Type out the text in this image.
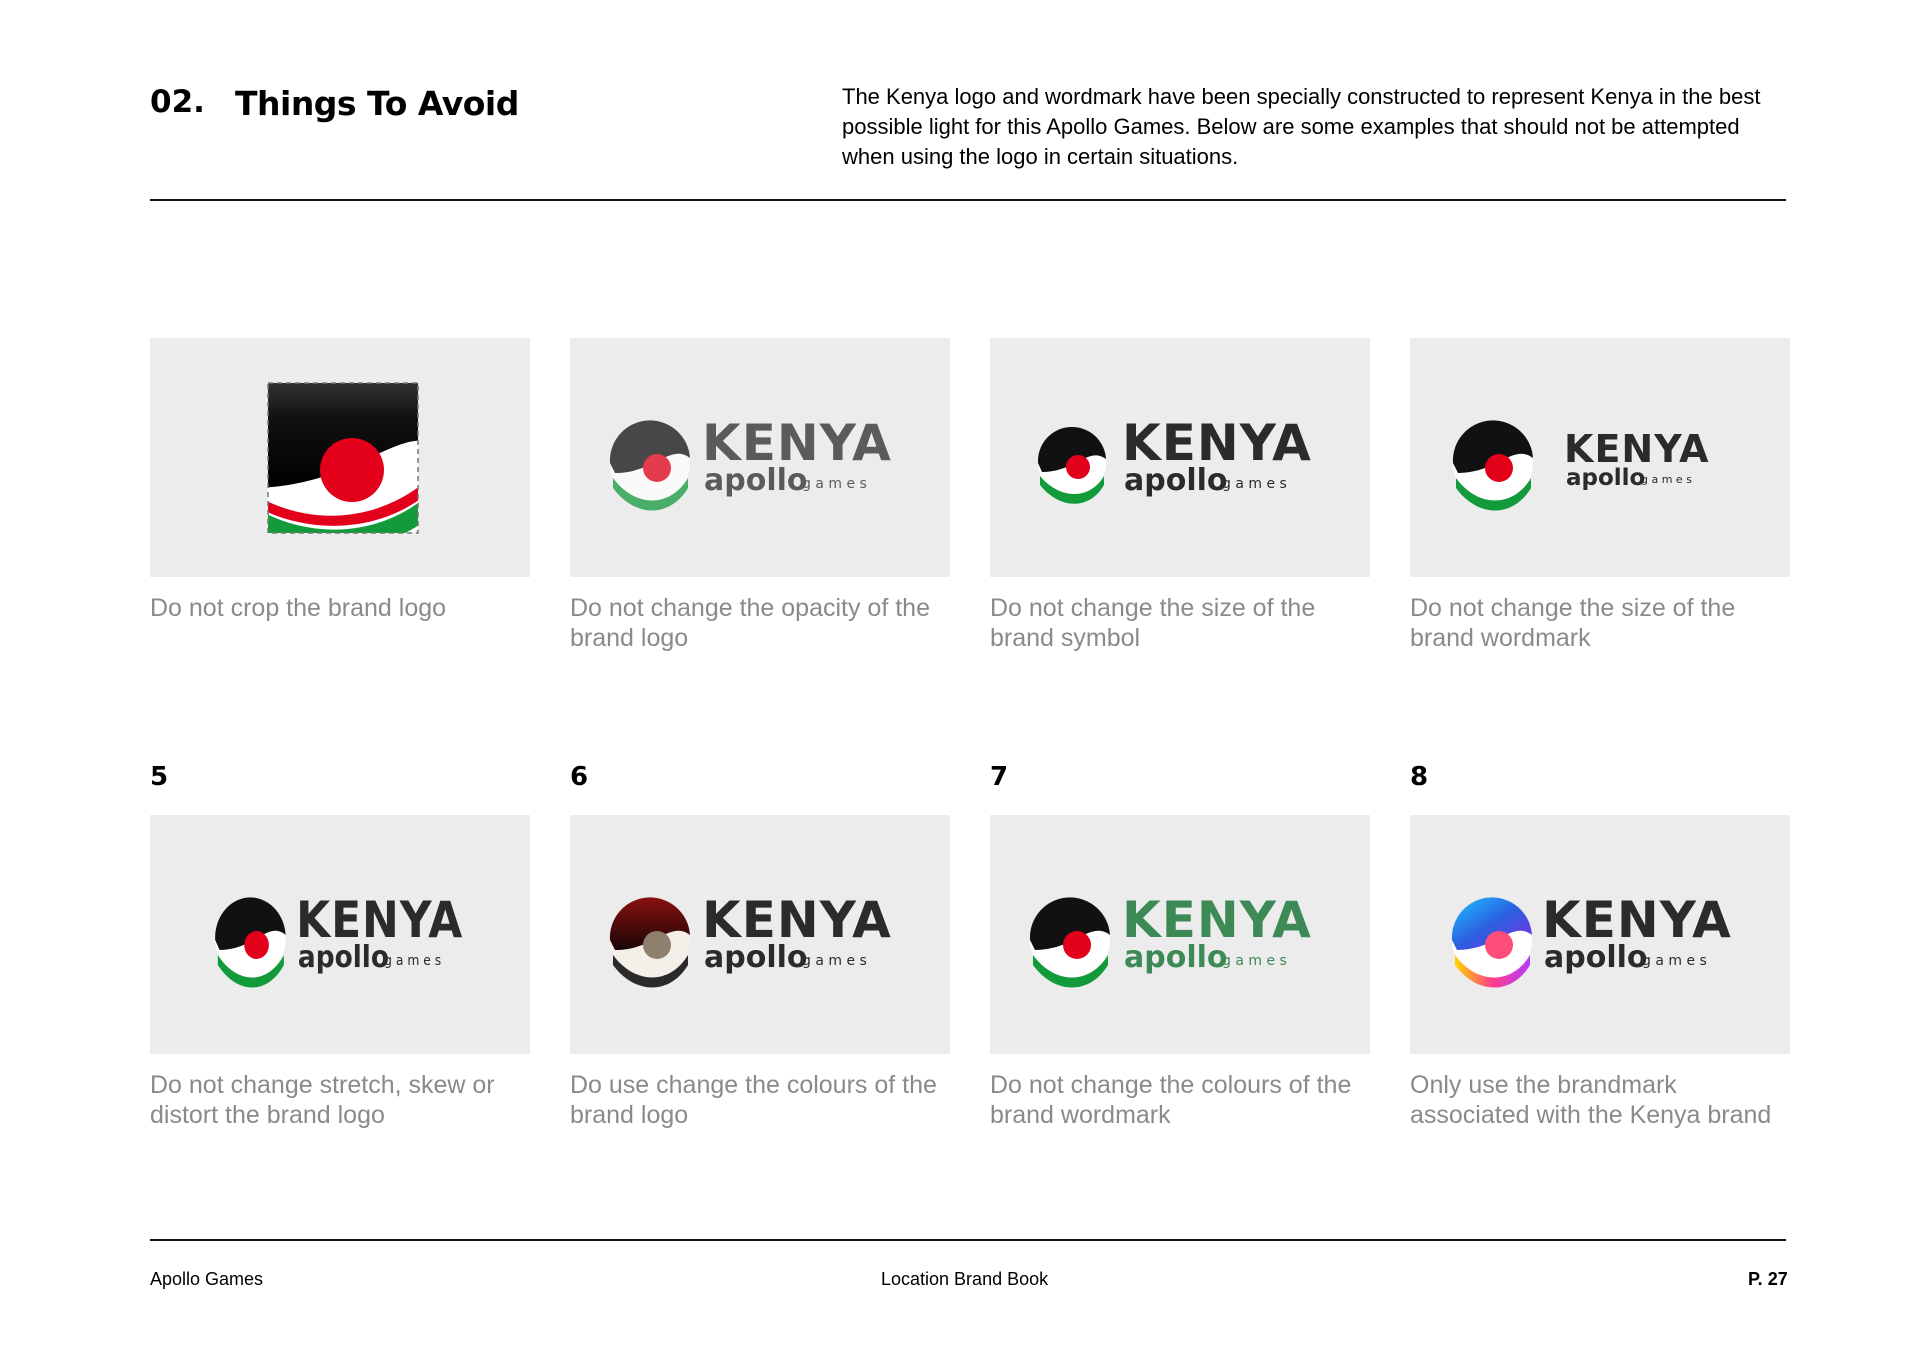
02. Things To Avoid	The Kenya logo and wordmark have been specially constructed to represent Kenya in the best possible light for this Apollo Games. Below are some examples that should not be attempted when using the logo in certain situations.
KENYA
apollo
g a m e s
KENYA
apollo
g a m e s
KENYA
apollo
g a m e s
Do not crop the brand logo	Do not change the opacity of the
brand logo
Do not change the size of the
brand symbol
Do not change the size of the
brand wordmark
5	6	7	8
KENYA
apollo
g a m e s
KENYA
apollo
g a m e s
KENYA
apollo
g a m e s
KENYA
apollo
g a m e s
Do not change stretch, skew or
distort the brand logo
Do use change the colours of the
brand logo
Do not change the colours of the
brand wordmark
Only use the brandmark
associated with the Kenya brand
Apollo Games	Location Brand Book	P. 27
